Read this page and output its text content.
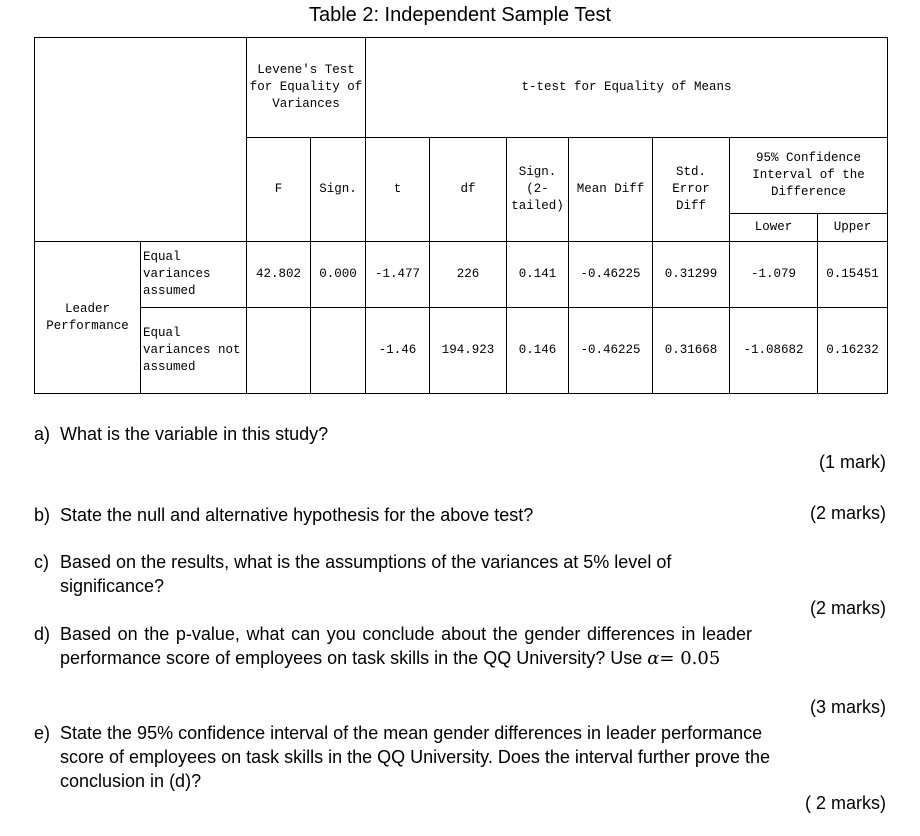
Table 2: Independent Sample Test
		Levene's Test for Equality of Variances		t-test for Equality of Means						
		F	Sign.	t	df	Sign. (2-tailed)	Mean Diff	Std. Error Diff	95% Confidence Interval of the Difference	
									Lower	Upper
Leader Performance	Equal variances assumed	42.802	0.000	-1.477	226	0.141	-0.46225	0.31299	-1.079	0.15451
	Equal variances not assumed			-1.46	194.923	0.146	-0.46225	0.31668	-1.08682	0.16232
a) What is the variable in this study?
(1 mark)
b) State the null and alternative hypothesis for the above test?	(2 marks)
c) Based on the results, what is the assumptions of the variances at 5% level of significance?
(2 marks)
d) Based on the p-value, what can you conclude about the gender differences in leader performance score of employees on task skills in the QQ University? Use α= 0.05
(3 marks)
e) State the 95% confidence interval of the mean gender differences in leader performance score of employees on task skills in the QQ University. Does the interval further prove the conclusion in (d)?
( 2 marks)
